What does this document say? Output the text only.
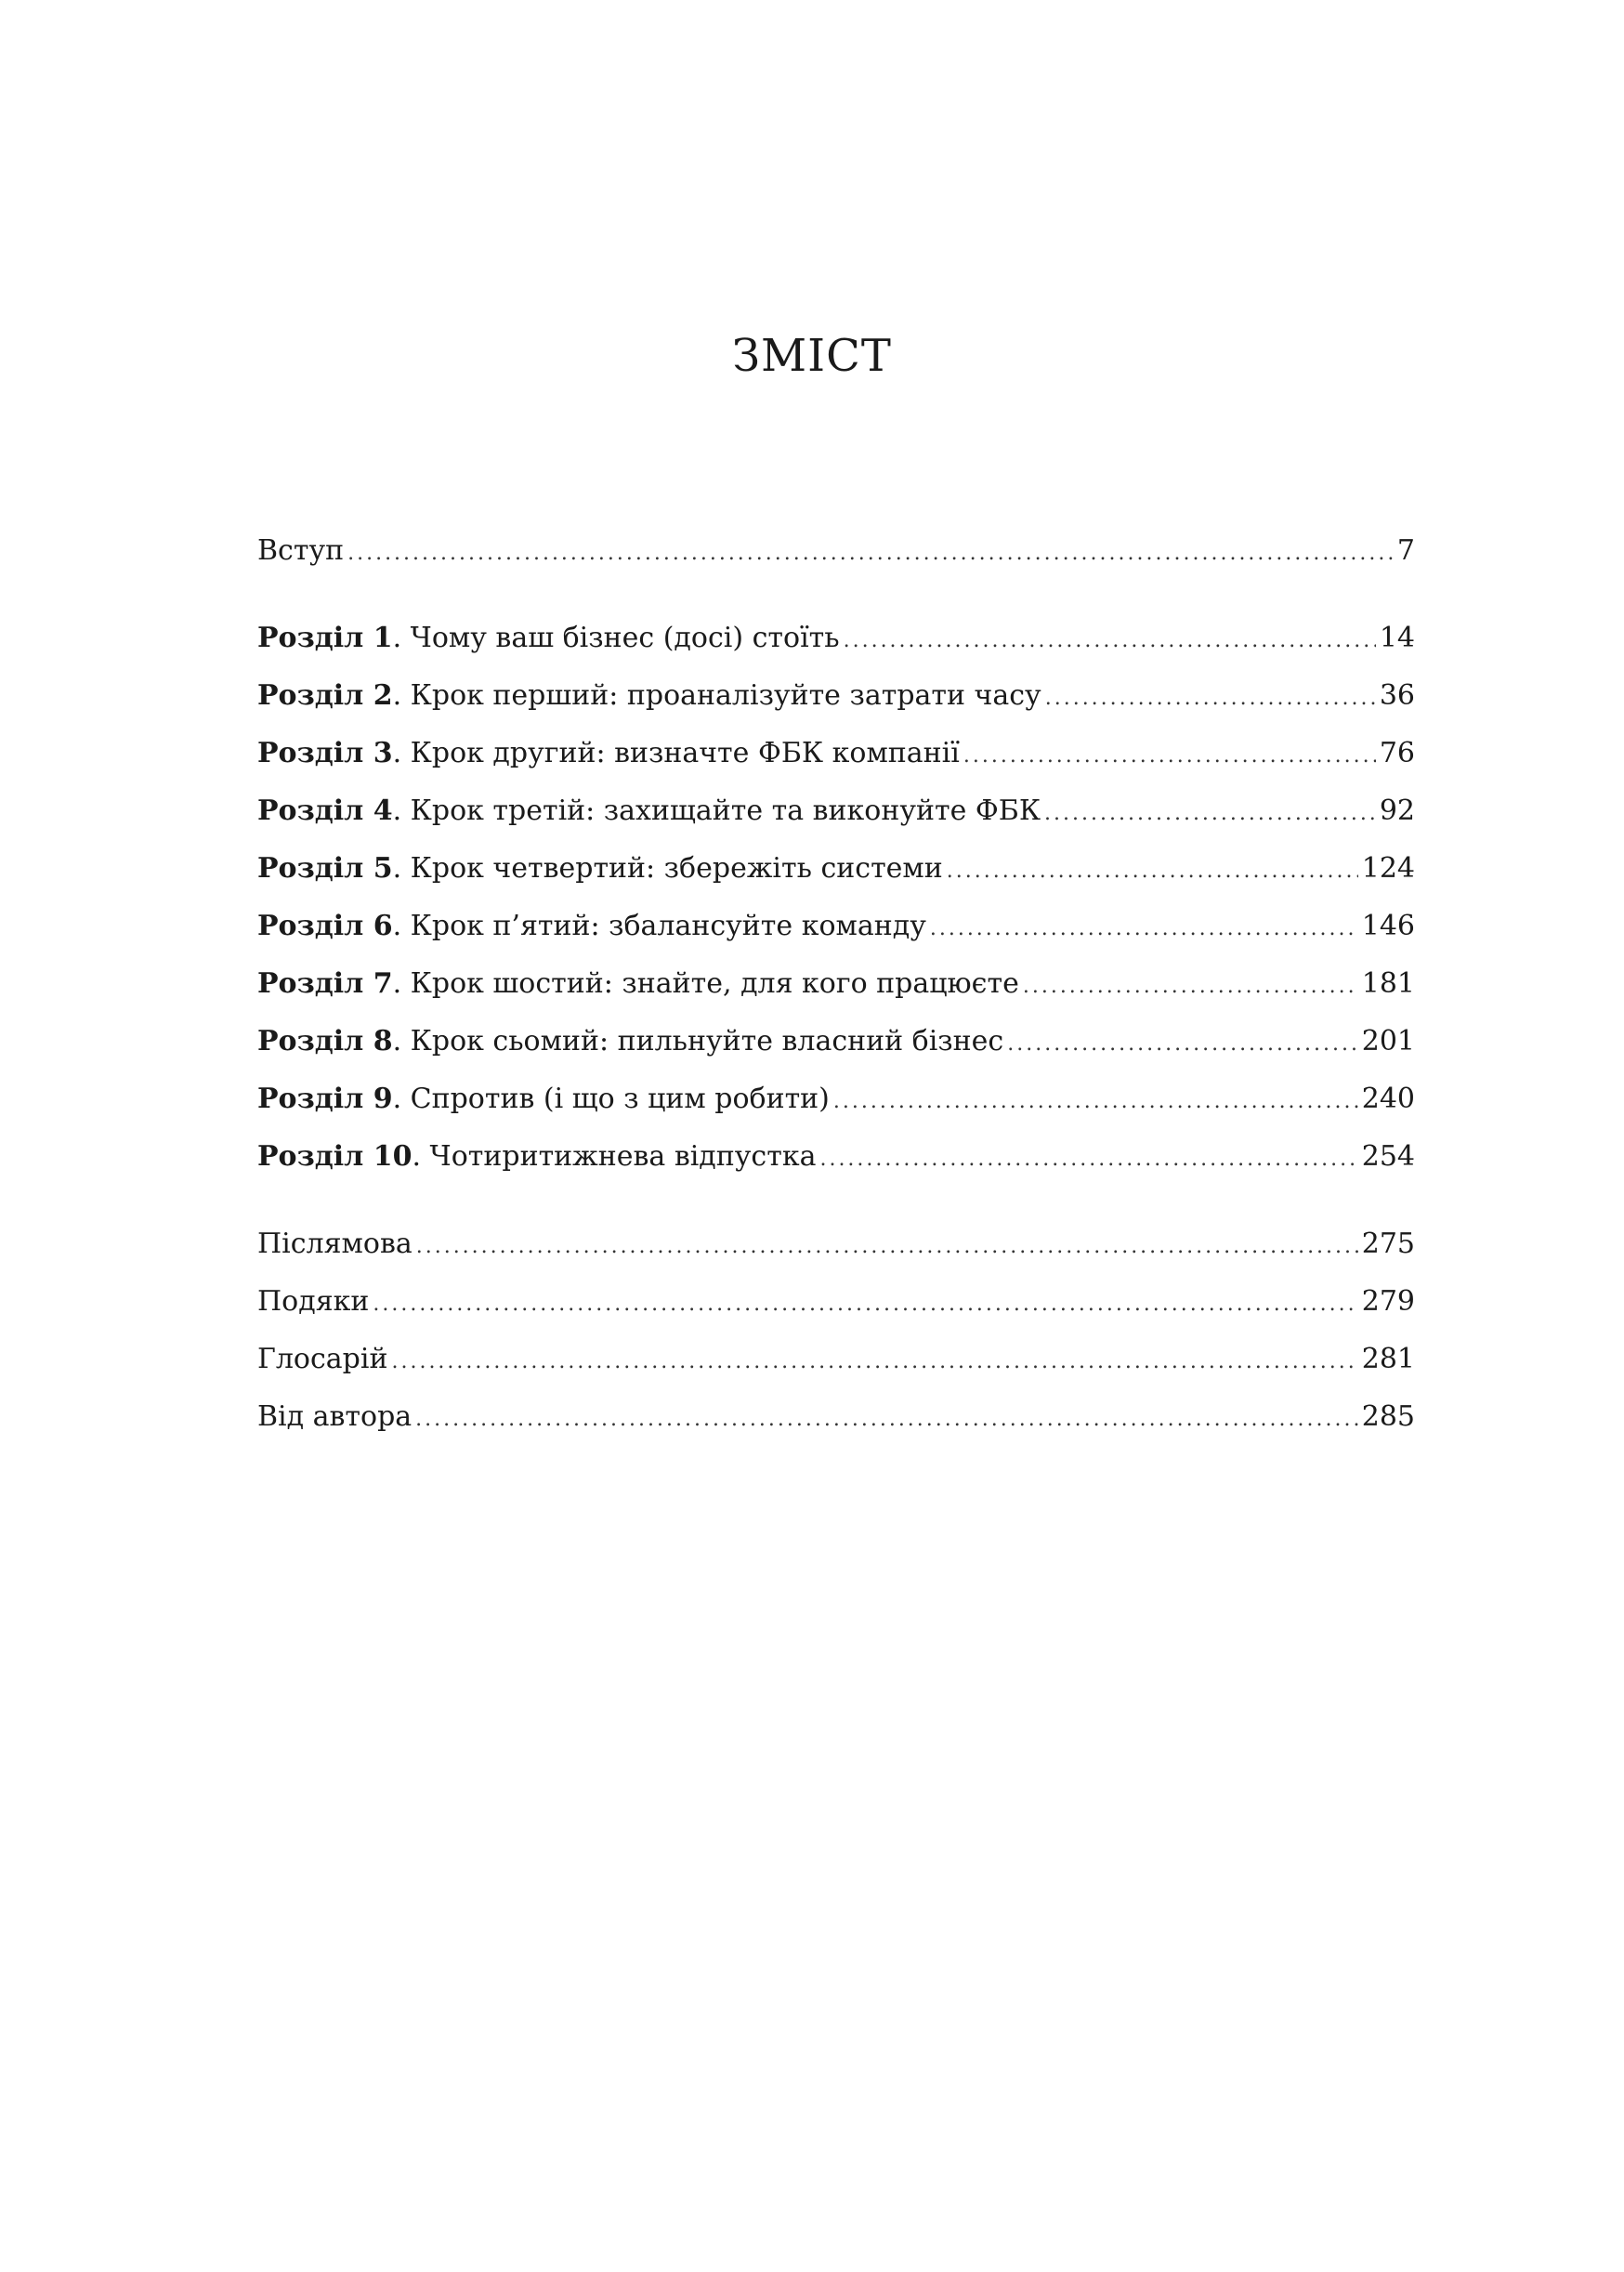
ЗМІСТ
Вступ .....	7
Розділ 1. Чому ваш бізнес (досі) стоїть .....	14
Розділ 2. Крок перший: проаналізуйте затрати часу .....	36
Розділ 3. Крок другий: визначте ФБК компанії .....	76
Розділ 4. Крок третій: захищайте та виконуйте ФБК .....	92
Розділ 5. Крок четвертий: збережіть системи .....	124
Розділ 6. Крок п’ятий: збалансуйте команду .....	146
Розділ 7. Крок шостий: знайте, для кого працюєте .....	181
Розділ 8. Крок сьомий: пильнуйте власний бізнес .....	201
Розділ 9. Спротив (і що з цим робити) .....	240
Розділ 10. Чотиритижнева відпустка .....	254
Післямова .....	275
Подяки .....	279
Глосарій .....	281
Від автора .....	285
